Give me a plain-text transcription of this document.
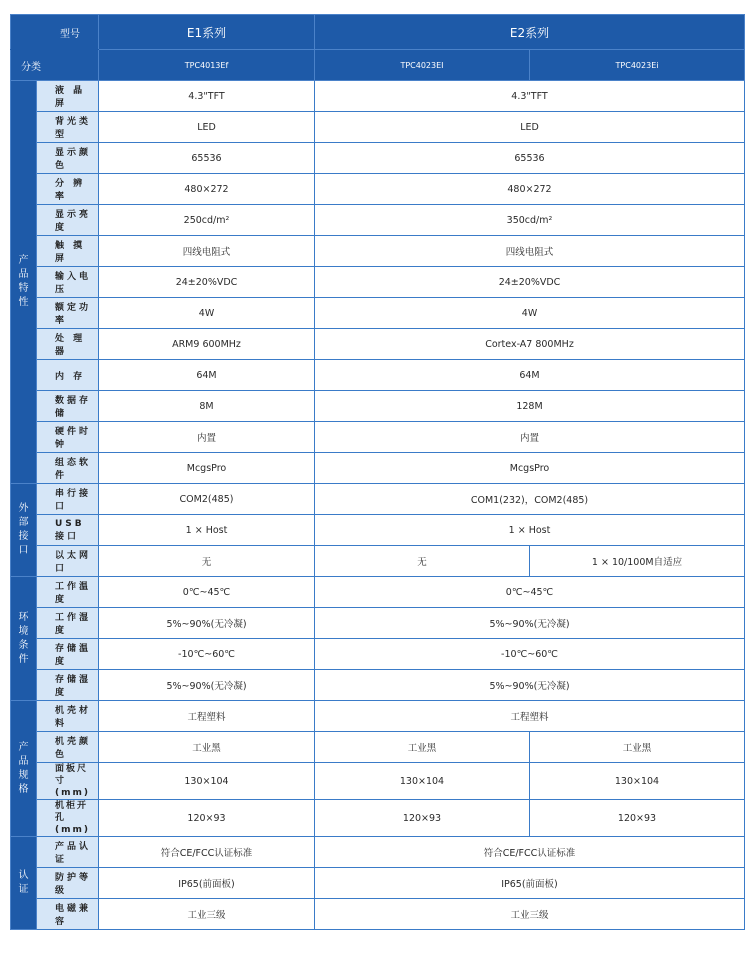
型号		E1系列	E2系列	
分类		TPC4013Ef	TPC4023EI	TPC4023Ei
产
品
特
性	液 晶 屏	4.3"TFT	4.3"TFT	
	背光类型	LED	LED	
	显示颜色	65536	65536	
	分 辨 率	480×272	480×272	
	显示亮度	250cd/m²	350cd/m²	
	触 摸 屏	四线电阻式	四线电阻式	
	输入电压	24±20%VDC	24±20%VDC	
	额定功率	4W	4W	
	处 理 器	ARM9 600MHz	Cortex-A7 800MHz	
	内 存	64M	64M	
	数据存储	8M	128M	
	硬件时钟	内置	内置	
	组态软件	McgsPro	McgsPro	
外
部
接
口	串行接口	COM2(485)	COM1(232)，COM2(485)	
	USB 接口	1 × Host	1 × Host	
	以太网口	无	无	1 × 10/100M自适应
环
境
条
件	工作温度	0℃~45℃	0℃~45℃	
	工作湿度	5%~90%(无冷凝)	5%~90%(无冷凝)	
	存储温度	-10℃~60℃	-10℃~60℃	
	存储湿度	5%~90%(无冷凝)	5%~90%(无冷凝)	
产
品
规
格	机壳材料	工程塑料	工程塑料	
	机壳颜色	工业黑	工业黑	工业黑
	面板尺寸
(mm)	130×104	130×104	130×104
	机柜开孔
(mm)	120×93	120×93	120×93
认
证	产品认证	符合CE/FCC认证标准	符合CE/FCC认证标准	
	防护等级	IP65(前面板)	IP65(前面板)	
	电磁兼容	工业三级	工业三级	
